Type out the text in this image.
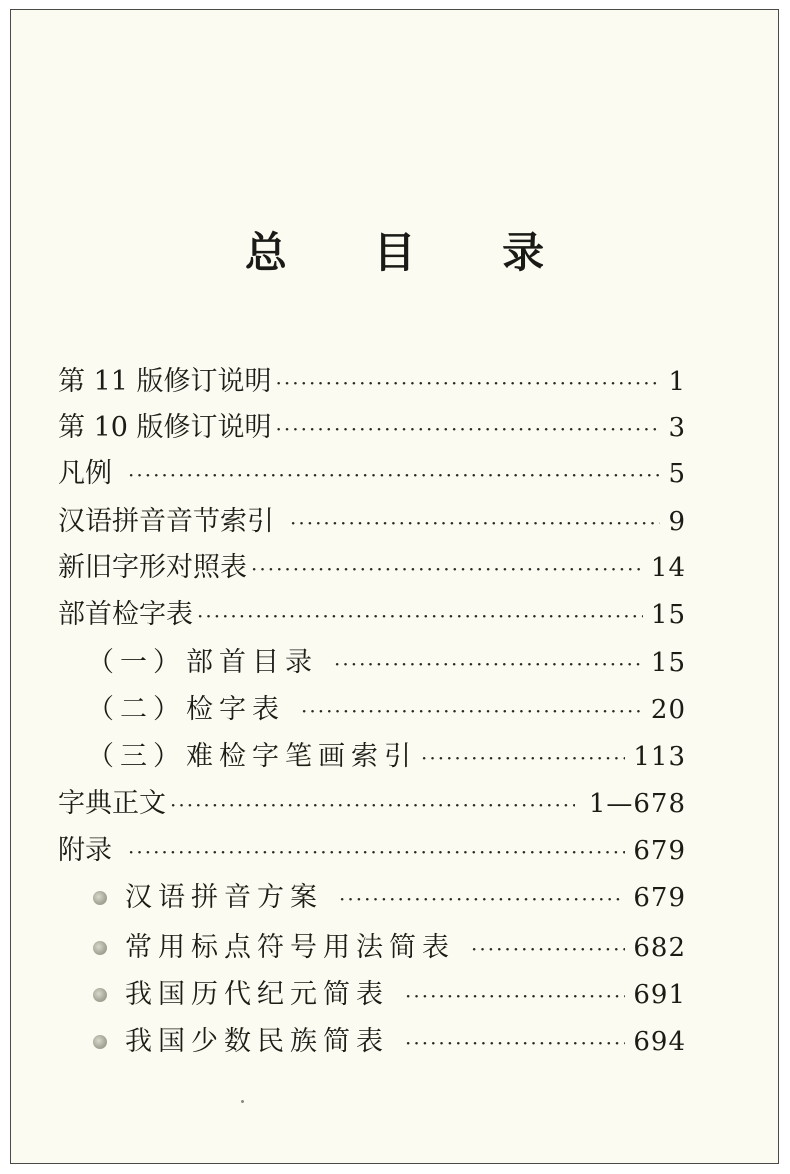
总 目 录
第 11 版修订说明 ·····	1
第 10 版修订说明 ·····	3
凡例 ·····	5
汉语拼音音节索引 ·····	9
新旧字形对照表 ·····	14
部首检字表 ·····	15
（一）部首目录 ·····	15
（二）检字表 ·····	20
（三）难检字笔画索引 ·····	113
字典正文 ·····	1—678
附录 ·····	679
汉语拼音方案 ·····	679
常用标点符号用法简表 ·····	682
我国历代纪元简表 ·····	691
我国少数民族简表 ·····	694
